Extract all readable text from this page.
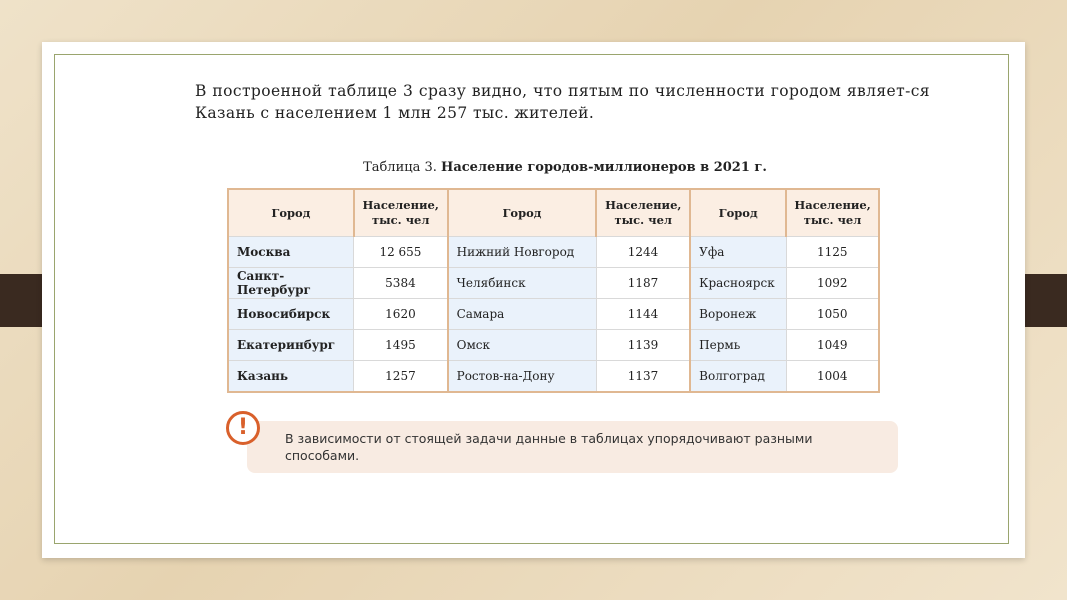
В построенной таблице 3 сразу видно, что пятым по численности городом являет-ся Казань с населением 1 млн 257 тыс. жителей.
Таблица 3. Население городов-миллионеров в 2021 г.
Город	Население, тыс. чел	Город	Население, тыс. чел	Город	Население, тыс. чел
Москва	12 655	Нижний Новгород	1244	Уфа	1125
Санкт-Петербург	5384	Челябинск	1187	Красноярск	1092
Новосибирск	1620	Самара	1144	Воронеж	1050
Екатеринбург	1495	Омск	1139	Пермь	1049
Казань	1257	Ростов-на-Дону	1137	Волгоград	1004
!	В зависимости от стоящей задачи данные в таблицах упорядочивают разными способами.
